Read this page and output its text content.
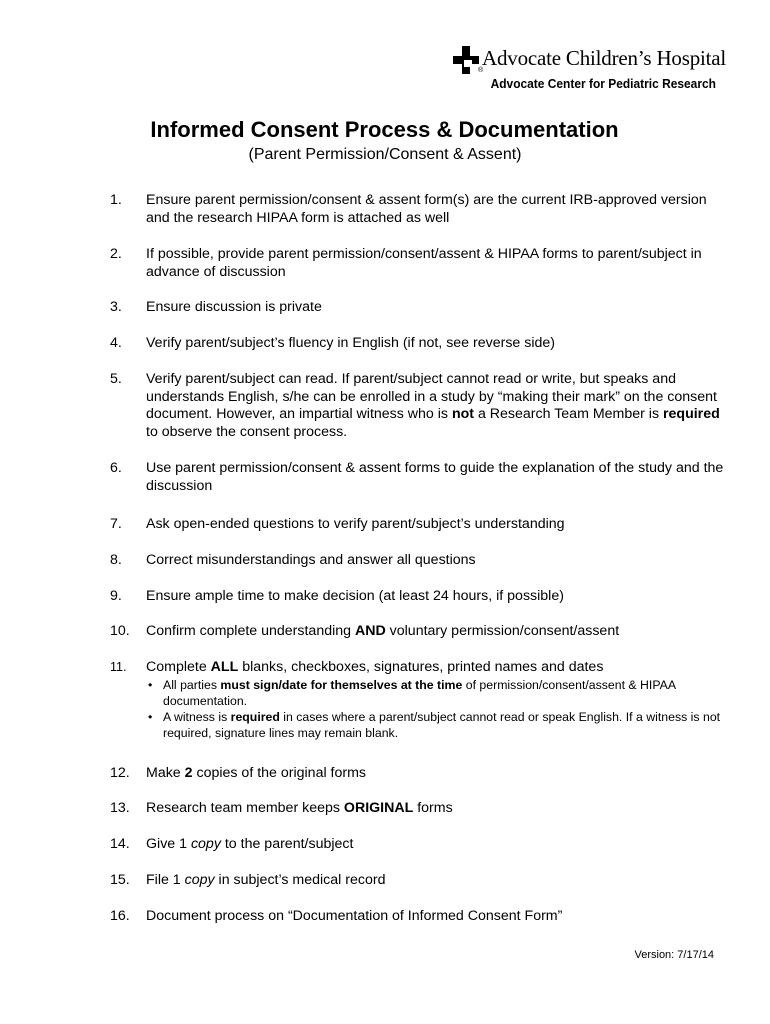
®
Advocate Children’s Hospital
Advocate Center for Pediatric Research
Informed Consent Process & Documentation
(Parent Permission/Consent & Assent)
1. Ensure parent permission/consent & assent form(s) are the current IRB-approved version and the research HIPAA form is attached as well
2. If possible, provide parent permission/consent/assent & HIPAA forms to parent/subject in advance of discussion
3. Ensure discussion is private
4. Verify parent/subject’s fluency in English (if not, see reverse side)
5. Verify parent/subject can read. If parent/subject cannot read or write, but speaks and understands English, s/he can be enrolled in a study by “making their mark” on the consent document. However, an impartial witness who is not a Research Team Member is required to observe the consent process.
6. Use parent permission/consent & assent forms to guide the explanation of the study and the discussion
7. Ask open-ended questions to verify parent/subject’s understanding
8. Correct misunderstandings and answer all questions
9. Ensure ample time to make decision (at least 24 hours, if possible)
10. Confirm complete understanding AND voluntary permission/consent/assent
11. Complete ALL blanks, checkboxes, signatures, printed names and dates
• All parties must sign/date for themselves at the time of permission/consent/assent & HIPAA documentation.
• A witness is required in cases where a parent/subject cannot read or speak English. If a witness is not required, signature lines may remain blank.
12. Make 2 copies of the original forms
13. Research team member keeps ORIGINAL forms
14. Give 1 copy to the parent/subject
15. File 1 copy in subject’s medical record
16. Document process on “Documentation of Informed Consent Form”
Version: 7/17/14
